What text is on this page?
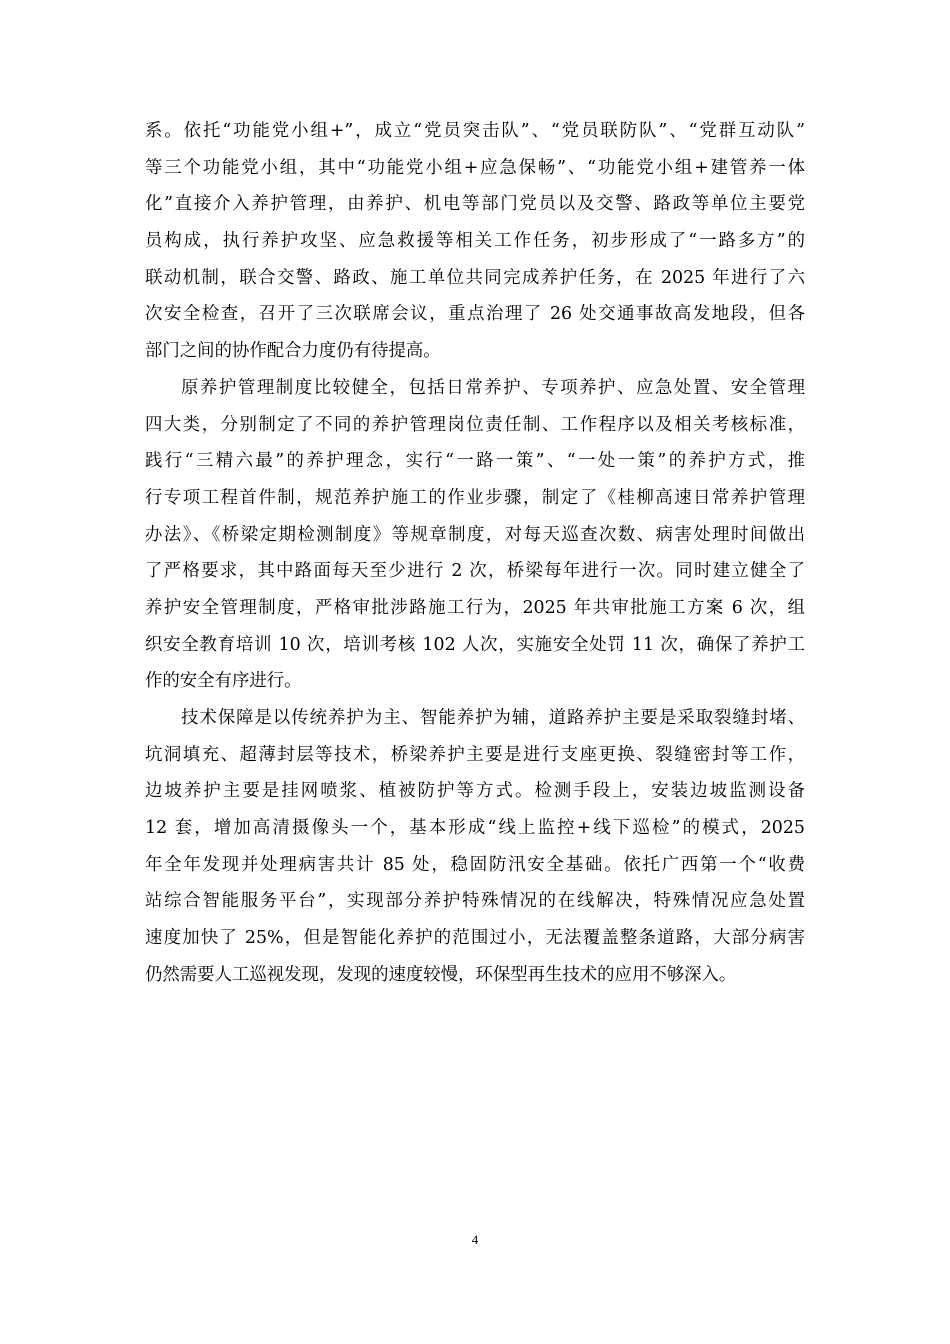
系。依托“功能党小组+”，成立“党员突击队”、“党员联防队”、“党群互动队”
等三个功能党小组，其中“功能党小组+应急保畅”、“功能党小组+建管养一体
化”直接介入养护管理，由养护、机电等部门党员以及交警、路政等单位主要党
员构成，执行养护攻坚、应急救援等相关工作任务，初步形成了“一路多方”的
联动机制，联合交警、路政、施工单位共同完成养护任务，在 2025 年进行了六
次安全检查，召开了三次联席会议，重点治理了 26 处交通事故高发地段，但各
部门之间的协作配合力度仍有待提高。
原养护管理制度比较健全，包括日常养护、专项养护、应急处置、安全管理
四大类，分别制定了不同的养护管理岗位责任制、工作程序以及相关考核标准，
践行“三精六最”的养护理念，实行“一路一策”、“一处一策”的养护方式，推
行专项工程首件制，规范养护施工的作业步骤，制定了《桂柳高速日常养护管理
办法》、《桥梁定期检测制度》等规章制度，对每天巡查次数、病害处理时间做出
了严格要求，其中路面每天至少进行 2 次，桥梁每年进行一次。同时建立健全了
养护安全管理制度，严格审批涉路施工行为，2025 年共审批施工方案 6 次，组
织安全教育培训 10 次，培训考核 102 人次，实施安全处罚 11 次，确保了养护工
作的安全有序进行。
技术保障是以传统养护为主、智能养护为辅，道路养护主要是采取裂缝封堵、
坑洞填充、超薄封层等技术，桥梁养护主要是进行支座更换、裂缝密封等工作，
边坡养护主要是挂网喷浆、植被防护等方式。检测手段上，安装边坡监测设备
12 套，增加高清摄像头一个，基本形成“线上监控+线下巡检”的模式，2025
年全年发现并处理病害共计 85 处，稳固防汛安全基础。依托广西第一个“收费
站综合智能服务平台”，实现部分养护特殊情况的在线解决，特殊情况应急处置
速度加快了 25%，但是智能化养护的范围过小，无法覆盖整条道路，大部分病害
仍然需要人工巡视发现，发现的速度较慢，环保型再生技术的应用不够深入。
4
